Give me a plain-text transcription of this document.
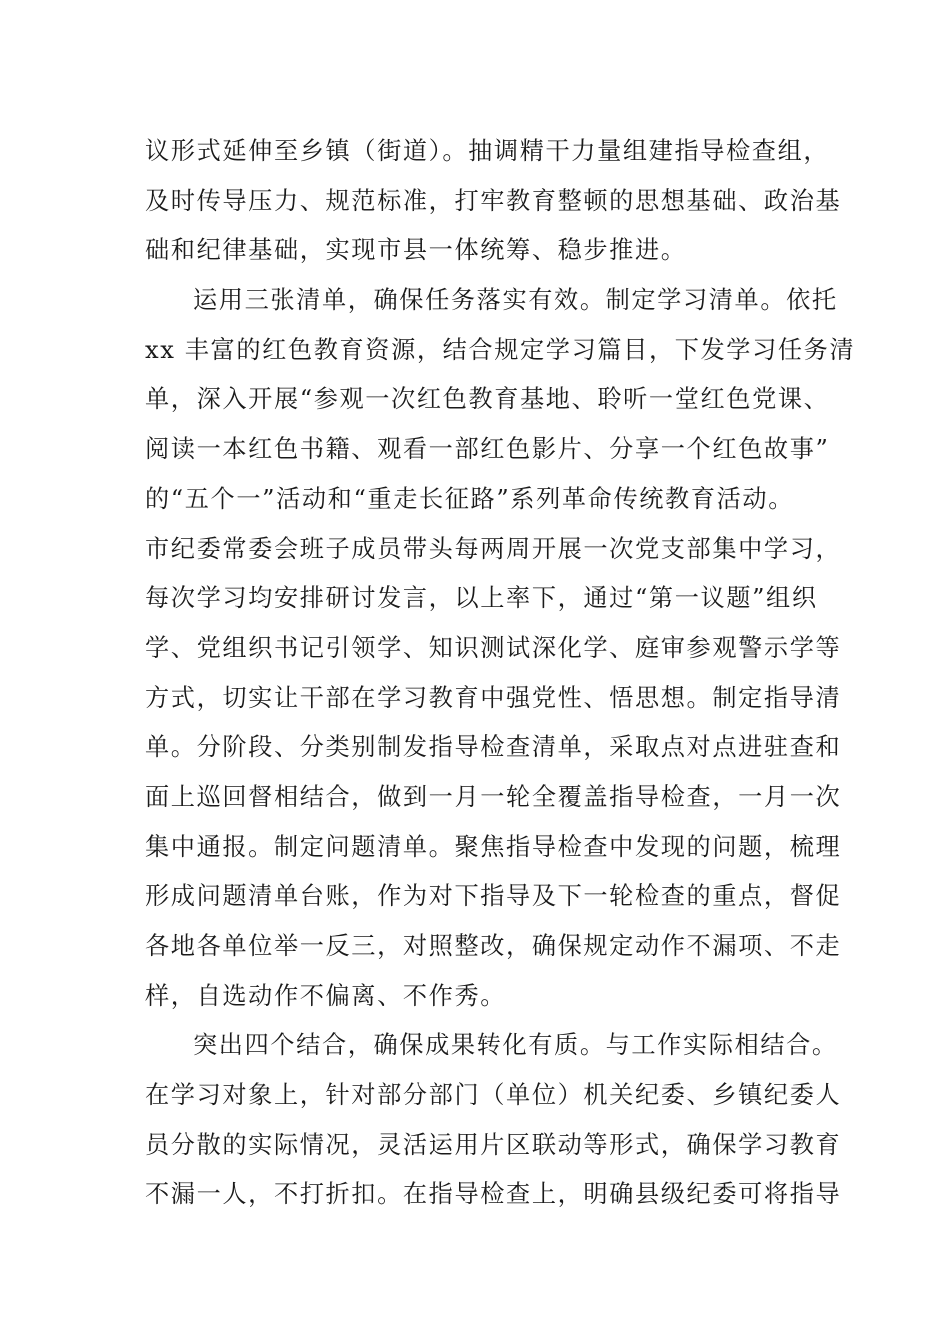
议形式延伸至乡镇（街道）。抽调精干力量组建指导检查组，
及时传导压力、规范标准，打牢教育整顿的思想基础、政治基
础和纪律基础，实现市县一体统筹、稳步推进。
运用三张清单，确保任务落实有效。制定学习清单。依托
xx 丰富的红色教育资源，结合规定学习篇目，下发学习任务清
单，深入开展“参观一次红色教育基地、聆听一堂红色党课、
阅读一本红色书籍、观看一部红色影片、分享一个红色故事”
的“五个一”活动和“重走长征路”系列革命传统教育活动。
市纪委常委会班子成员带头每两周开展一次党支部集中学习，
每次学习均安排研讨发言，以上率下，通过“第一议题”组织
学、党组织书记引领学、知识测试深化学、庭审参观警示学等
方式，切实让干部在学习教育中强党性、悟思想。制定指导清
单。分阶段、分类别制发指导检查清单，采取点对点进驻查和
面上巡回督相结合，做到一月一轮全覆盖指导检查，一月一次
集中通报。制定问题清单。聚焦指导检查中发现的问题，梳理
形成问题清单台账，作为对下指导及下一轮检查的重点，督促
各地各单位举一反三，对照整改，确保规定动作不漏项、不走
样，自选动作不偏离、不作秀。
突出四个结合，确保成果转化有质。与工作实际相结合。
在学习对象上，针对部分部门（单位）机关纪委、乡镇纪委人
员分散的实际情况，灵活运用片区联动等形式，确保学习教育
不漏一人，不打折扣。在指导检查上，明确县级纪委可将指导
